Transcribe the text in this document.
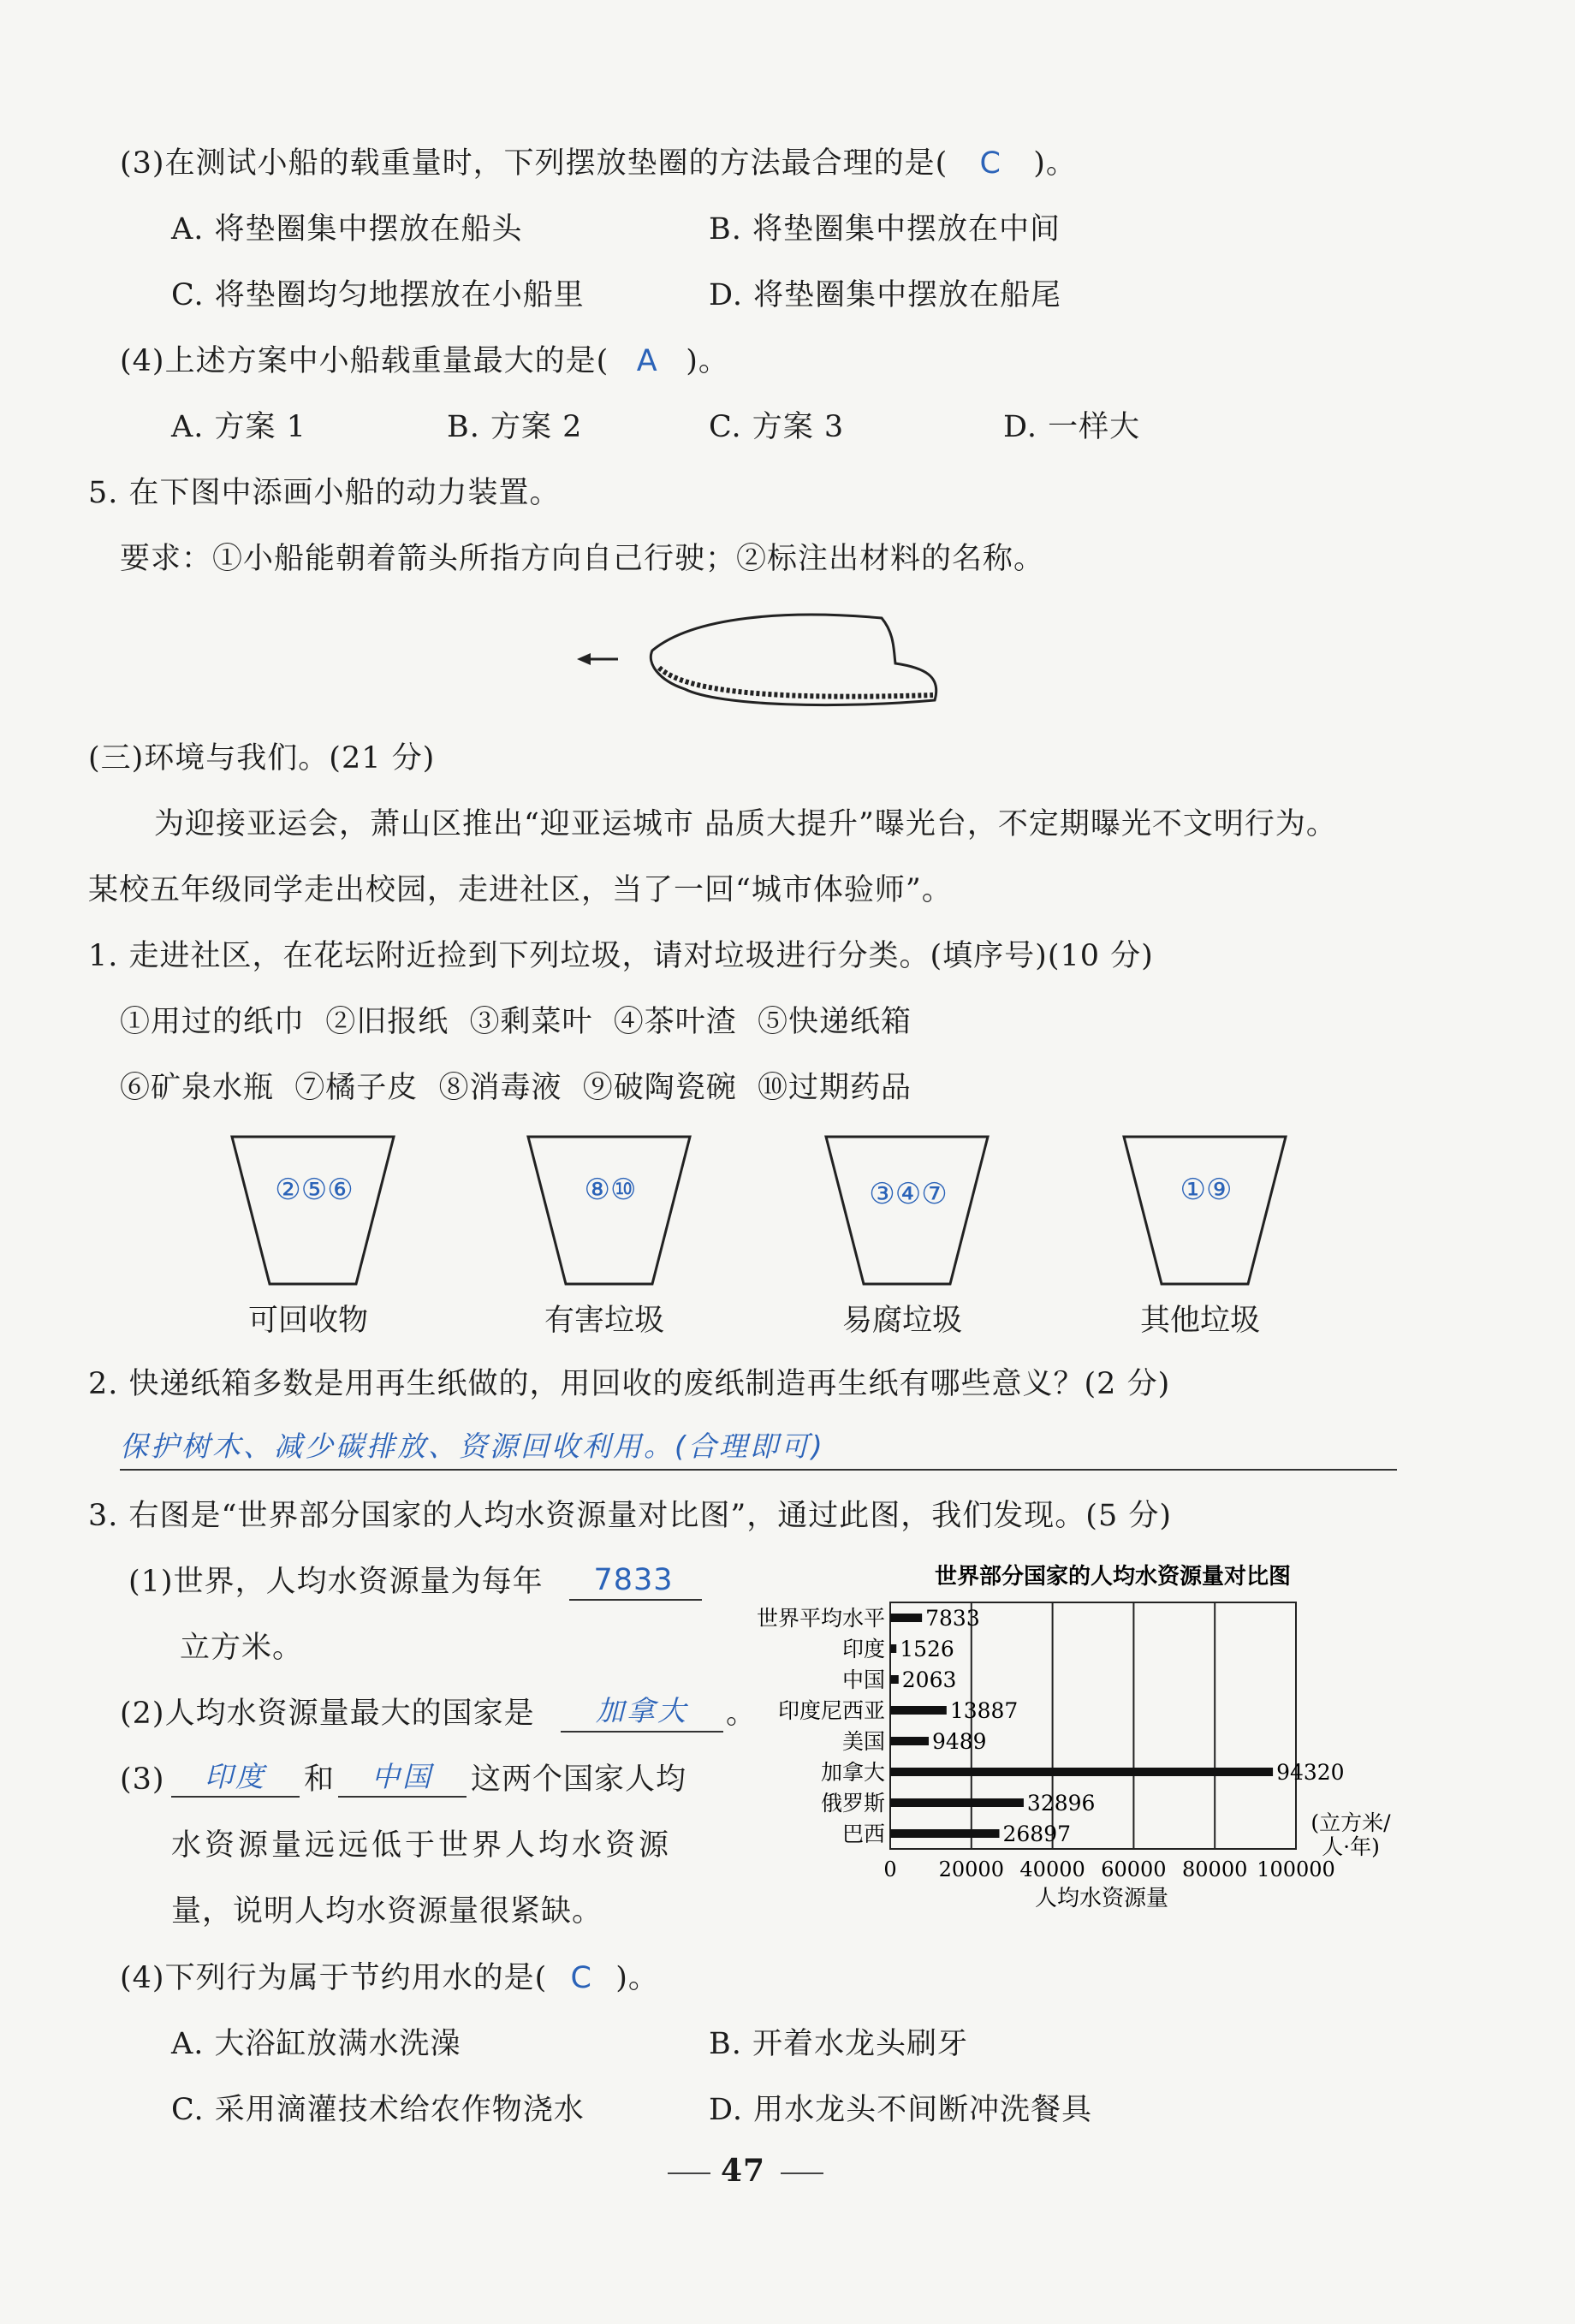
(3)在测试小船的载重量时，下列摆放垫圈的方法最合理的是( C )。
A. 将垫圈集中摆放在船头	B. 将垫圈集中摆放在中间
C. 将垫圈均匀地摆放在小船里	D. 将垫圈集中摆放在船尾
(4)上述方案中小船载重量最大的是( A )。
A. 方案 1	B. 方案 2	C. 方案 3	D. 一样大
5. 在下图中添画小船的动力装置。
要求：①小船能朝着箭头所指方向自己行驶；②标注出材料的名称。
(三)环境与我们。(21 分)
为迎接亚运会，萧山区推出“迎亚运城市 品质大提升”曝光台，不定期曝光不文明行为。
某校五年级同学走出校园，走进社区，当了一回“城市体验师”。
1. 走进社区，在花坛附近捡到下列垃圾，请对垃圾进行分类。(填序号)(10 分)
①用过的纸巾  ②旧报纸  ③剩菜叶  ④茶叶渣  ⑤快递纸箱
⑥矿泉水瓶  ⑦橘子皮  ⑧消毒液  ⑨破陶瓷碗  ⑩过期药品
②⑤⑥
可回收物
⑧⑩
有害垃圾
③④⑦
易腐垃圾
①⑨
其他垃圾
2. 快递纸箱多数是用再生纸做的，用回收的废纸制造再生纸有哪些意义？(2 分)
保护树木、减少碳排放、资源回收利用。(合理即可)
3. 右图是“世界部分国家的人均水资源量对比图”，通过此图，我们发现。(5 分)
(1)世界，人均水资源量为每年	7833
立方米。
(2)人均水资源量最大的国家是	加拿大	。
(3)	印度	和	中国	这两个国家人均
水资源量远远低于世界人均水资源
量，说明人均水资源量很紧缺。
(4)下列行为属于节约用水的是( C )。
A. 大浴缸放满水洗澡	B. 开着水龙头刷牙
C. 采用滴灌技术给农作物浇水	D. 用水龙头不间断冲洗餐具
世界部分国家的人均水资源量对比图
世界平均水平
印度
中国
印度尼西亚
美国
加拿大
俄罗斯
巴西
7833
1526
2063
13887
9489
94320
32896
26897
0 20000 40000 60000 80000 100000
人均水资源量
(立方米/人·年)
47
